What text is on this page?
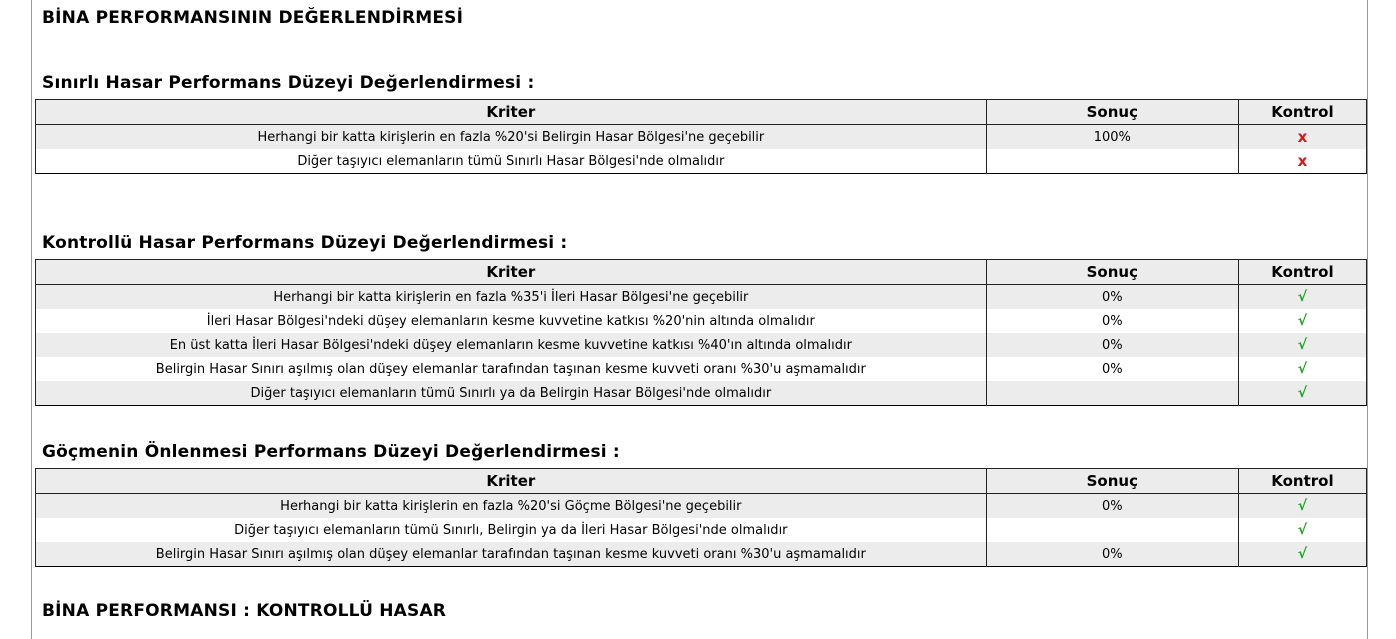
BİNA PERFORMANSININ DEĞERLENDİRMESİ
Sınırlı Hasar Performans Düzeyi Değerlendirmesi :
Kriter	Sonuç	Kontrol
Herhangi bir katta kirişlerin en fazla %20'si Belirgin Hasar Bölgesi'ne geçebilir	100%	x
Diğer taşıyıcı elemanların tümü Sınırlı Hasar Bölgesi'nde olmalıdır		x
Kontrollü Hasar Performans Düzeyi Değerlendirmesi :
Kriter	Sonuç	Kontrol
Herhangi bir katta kirişlerin en fazla %35'i İleri Hasar Bölgesi'ne geçebilir	0%	√
İleri Hasar Bölgesi'ndeki düşey elemanların kesme kuvvetine katkısı %20'nin altında olmalıdır	0%	√
En üst katta İleri Hasar Bölgesi'ndeki düşey elemanların kesme kuvvetine katkısı %40'ın altında olmalıdır	0%	√
Belirgin Hasar Sınırı aşılmış olan düşey elemanlar tarafından taşınan kesme kuvveti oranı %30'u aşmamalıdır	0%	√
Diğer taşıyıcı elemanların tümü Sınırlı ya da Belirgin Hasar Bölgesi'nde olmalıdır		√
Göçmenin Önlenmesi Performans Düzeyi Değerlendirmesi :
Kriter	Sonuç	Kontrol
Herhangi bir katta kirişlerin en fazla %20'si Göçme Bölgesi'ne geçebilir	0%	√
Diğer taşıyıcı elemanların tümü Sınırlı, Belirgin ya da İleri Hasar Bölgesi'nde olmalıdır		√
Belirgin Hasar Sınırı aşılmış olan düşey elemanlar tarafından taşınan kesme kuvveti oranı %30'u aşmamalıdır	0%	√
BİNA PERFORMANSI : KONTROLLÜ HASAR
